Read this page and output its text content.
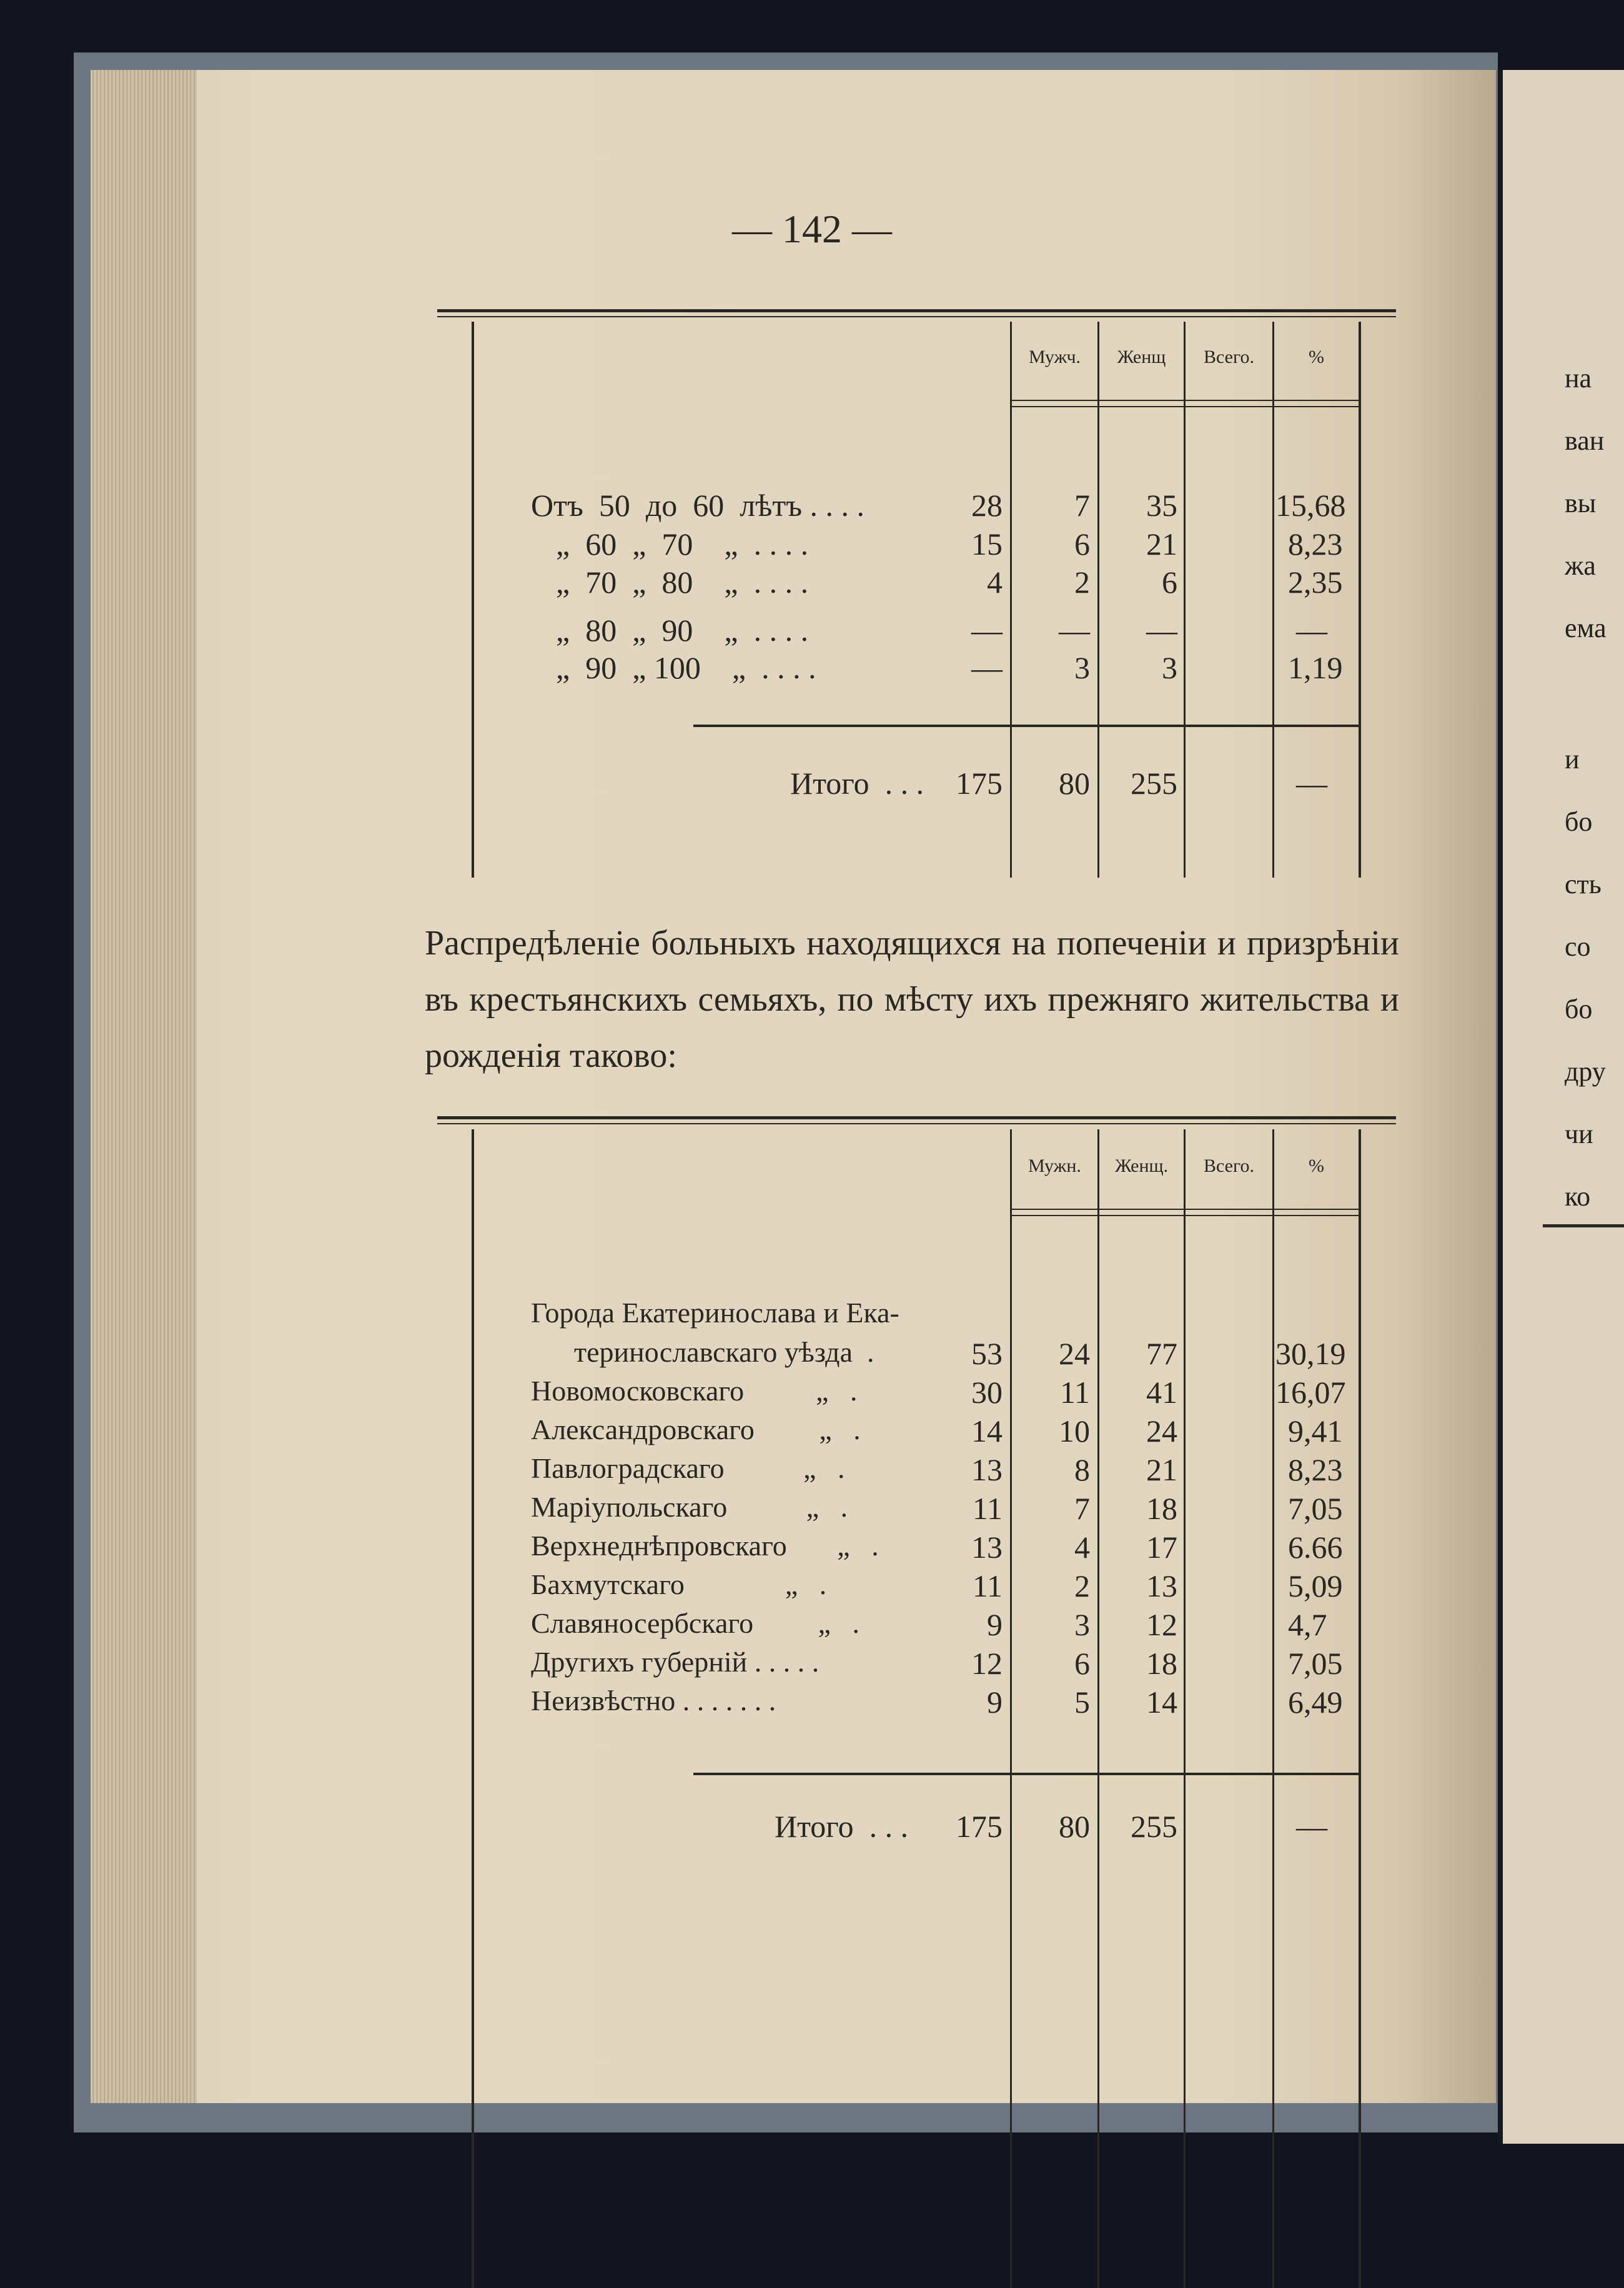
на
ван
вы
жа
ема
и
бо
сть
со
бо
дру
чи
ко
— 142 —
Мужч.	Женщ	Всего.	%
Отъ  50  до  60  лѣтъ . . . .	28	7	35	15,68
„  60  „  70    „  . . . .	15	6	21	8,23
„  70  „  80    „  . . . .	4	2	6	2,35
„  80  „  90    „  . . . .	—	—	—	—
„  90  „ 100    „  . . . .	—	3	3	1,19
Итого  . . .	175	80	255	—
Распредѣленіе больныхъ находящихся на попеченіи и призрѣніи въ крестьянскихъ семьяхъ, по мѣсту ихъ прежняго жительства и рожденія таково:
Мужн.	Женщ.	Всего.	%
Города Екатеринослава и Ека-
теринославскаго уѣзда  .	53	24	77	30,19
Новомосковскаго          „   .	30	11	41	16,07
Александровскаго         „   .	14	10	24	9,41
Павлоградскаго           „   .	13	8	21	8,23
Маріупольскаго           „   .	11	7	18	7,05
Верхнеднѣпровскаго       „   .	13	4	17	6.66
Бахмутскаго              „   .	11	2	13	5,09
Славяносербскаго         „   .	9	3	12	4,7
Другихъ губерній . . . . .	12	6	18	7,05
Неизвѣстно . . . . . . .	9	5	14	6,49
Итого  . . .	175	80	255	—
